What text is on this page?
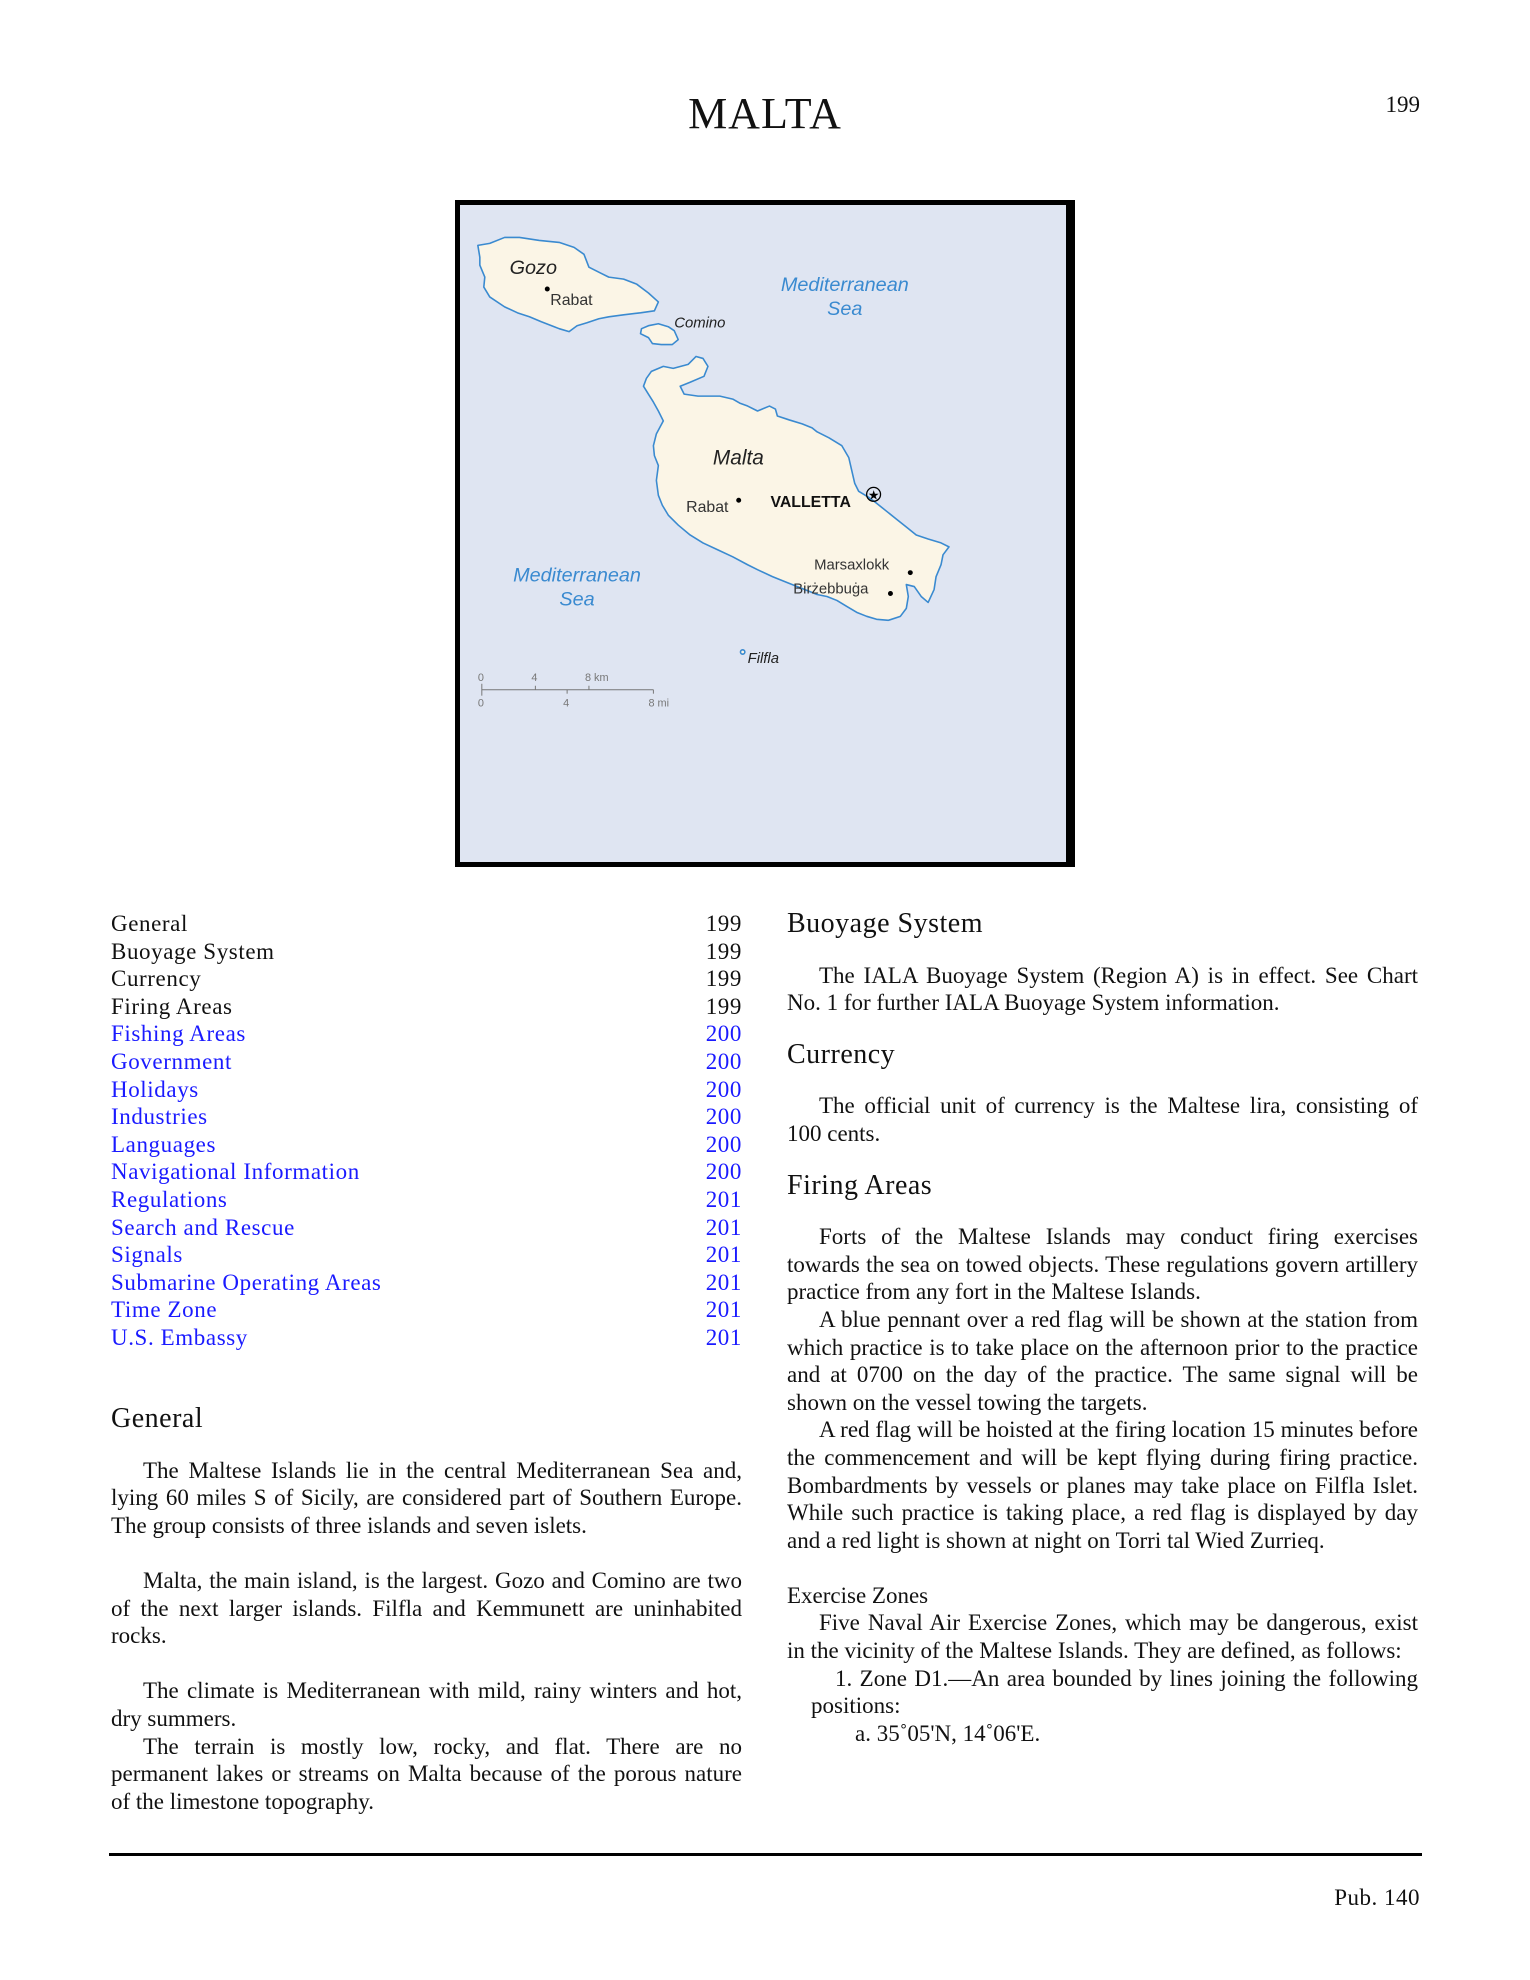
MALTA	199
★
Gozo
Comino
Malta
Filfla
Mediterranean
Sea
Mediterranean
Sea
Rabat
Rabat	VALLETTA
Marsaxlokk
Birżebbuġa
0	4	8 km
0	4	8 mi
General	199
Buoyage System	199
Currency	199
Firing Areas	199
Fishing Areas	200
Government	200
Holidays	200
Industries	200
Languages	200
Navigational Information	200
Regulations	201
Search and Rescue	201
Signals	201
Submarine Operating Areas	201
Time Zone	201
U.S. Embassy	201
General

The Maltese Islands lie in the central Mediterranean Sea and, lying 60 miles S of Sicily, are considered part of Southern Europe. The group consists of three islands and seven islets.

Malta, the main island, is the largest. Gozo and Comino are two of the next larger islands. Filfla and Kemmunett are uninhabited rocks.

The climate is Mediterranean with mild, rainy winters and hot, dry summers.

The terrain is mostly low, rocky, and flat. There are no permanent lakes or streams on Malta because of the porous nature of the limestone topography.

Buoyage System

The IALA Buoyage System (Region A) is in effect. See Chart No. 1 for further IALA Buoyage System information.

Currency

The official unit of currency is the Maltese lira, consisting of 100 cents.

Firing Areas

Forts of the Maltese Islands may conduct firing exercises towards the sea on towed objects. These regulations govern artillery practice from any fort in the Maltese Islands.

A blue pennant over a red flag will be shown at the station from which practice is to take place on the afternoon prior to the practice and at 0700 on the day of the practice. The same signal will be shown on the vessel towing the targets.

A red flag will be hoisted at the firing location 15 minutes before the commencement and will be kept flying during firing practice. Bombardments by vessels or planes may take place on Filfla Islet. While such practice is taking place, a red flag is displayed by day and a red light is shown at night on Torri tal Wied Zurrieq.

Exercise Zones

Five Naval Air Exercise Zones, which may be dangerous, exist in the vicinity of the Maltese Islands. They are defined, as follows:

1. Zone D1.—An area bounded by lines joining the following positions:

a. 35˚05'N, 14˚06'E.

Pub. 140
